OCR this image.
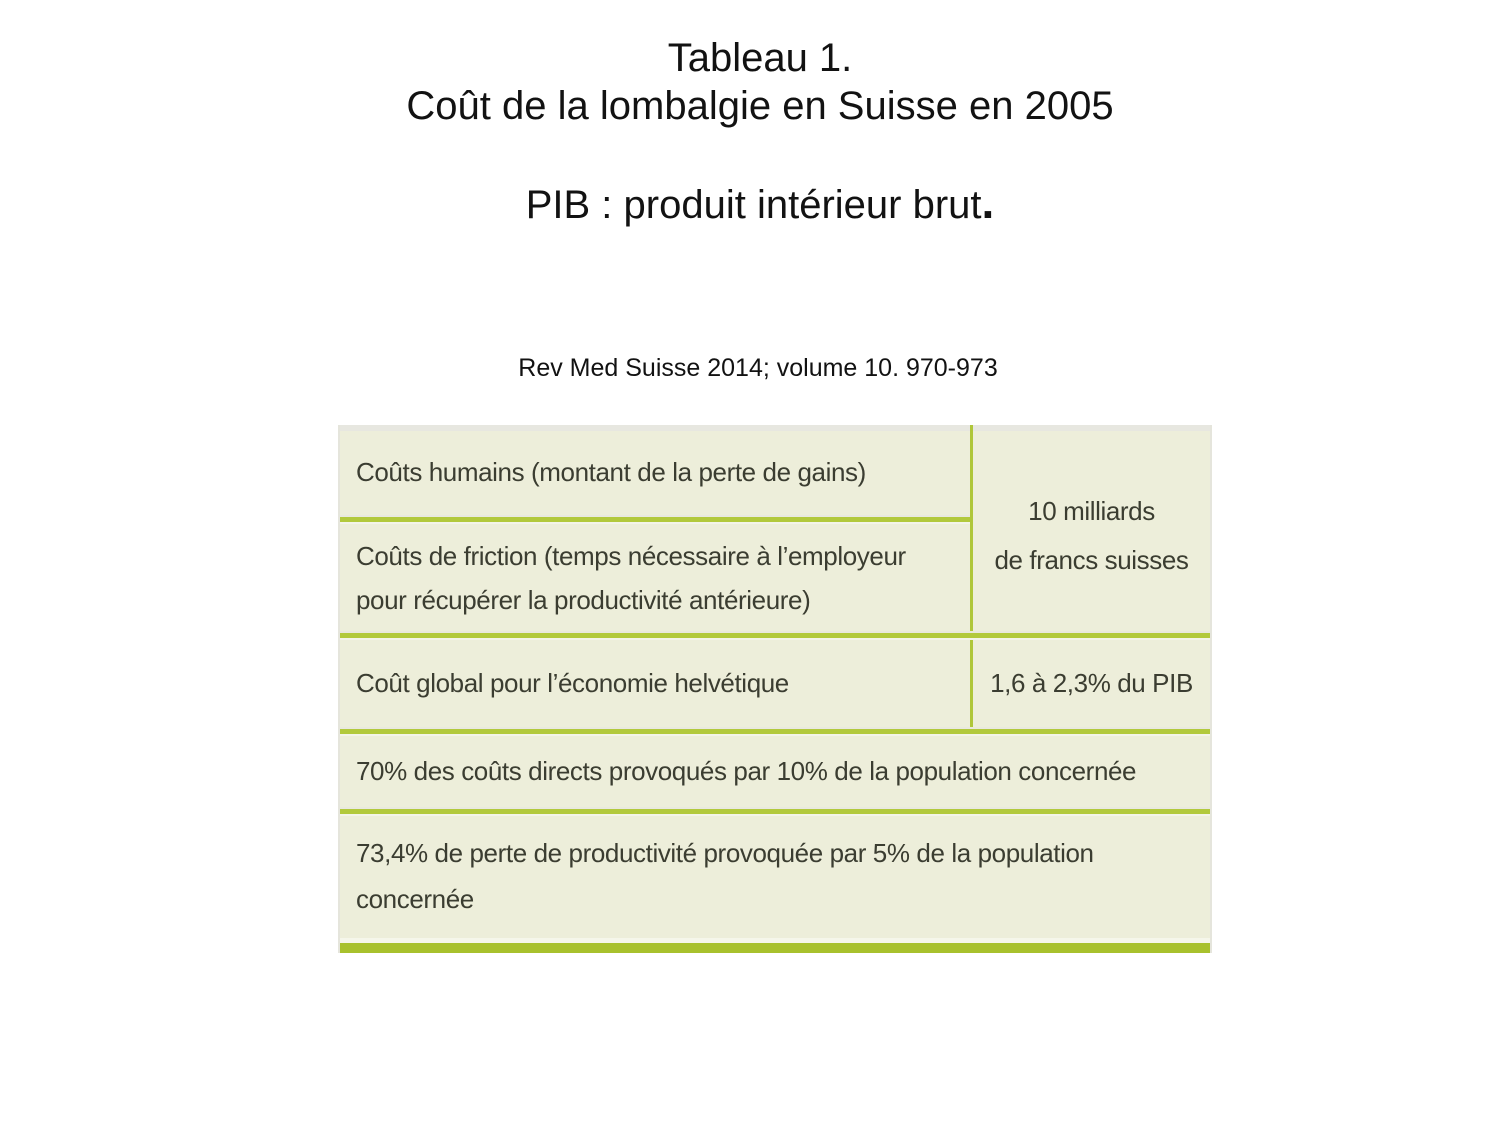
Tableau 1.
Coût de la lombalgie en Suisse en 2005
PIB : produit intérieur brut.
Rev Med Suisse 2014; volume 10. 970-973
Coûts humains (montant de la perte de gains)
10 milliards
de francs suisses
Coûts de friction (temps nécessaire à l’employeur pour récupérer la productivité antérieure)
Coût global pour l’économie helvétique	1,6 à 2,3% du PIB
70% des coûts directs provoqués par 10% de la population concernée
73,4% de perte de productivité provoquée par 5% de la population concernée
